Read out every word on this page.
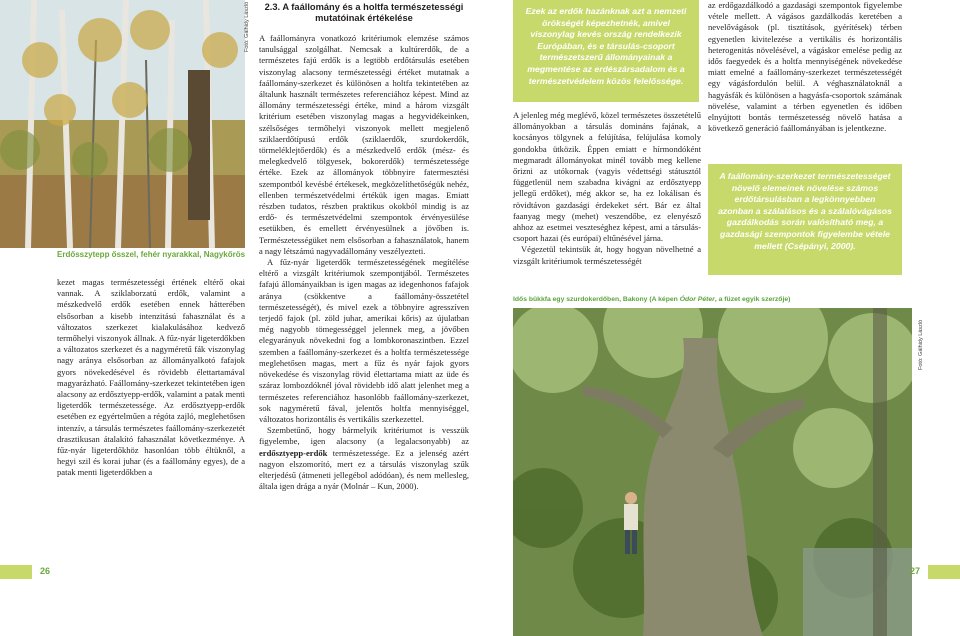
Fotó: Gálhidy László
Erdősszytepp ősszel, fehér nyarakkal, Nagykőrös

kezet magas természetességi értének eltérő okai vannak. A sziklaborzatú erdők, valamint a mészkedvelő erdők esetében ennek hátterében elsősorban a kisebb intenzitású fahasználat és a változatos szerkezet kialakulásához kedvező termőhelyi viszonyok állnak. A fűz-nyár ligeterdőkben a változatos szerkezet és a nagyméretű fák viszonylag nagy aránya elsősorban az állományalkotó fafajok gyors növekedésével és rövidebb élettartamával magyarázható. Faállomány-szerkezet tekintetében igen alacsony az erdősztyepp-erdők, valamint a patak menti ligeterdők természetessége. Az erdősztyepp-erdők esetében ez egyértelműen a régóta zajló, meglehetősen intenzív, a társulás természetes faállomány-szerkezetét drasztikusan átalakító fahasználat következménye. A fűz-nyár ligeterdőkhöz hasonlóan több éltüknől, a hegyi szil és korai juhar (és a faállomány egyes), de a patak menti ligeterdőkben a

2.3. A faállomány és a holtfa természetességi mutatóinak értékelése

A faállományra vonatkozó kritériumok elemzése számos tanulsággal szolgálhat. Nemcsak a kultúrerdők, de a természetes fajú erdők is a legtöbb erdőtársulás esetében viszonylag alacsony természetességi értéket mutatnak a faállomány-szerkezet és különösen a holtfa tekintetében az általunk használt természetes referenciához képest. Mind az állomány természetességi értéke, mind a három vizsgált kritérium esetében viszonylag magas a hegyvidékeinken, szélsőséges termőhelyi viszonyok mellett megjelenő sziklaerdőtípusú erdők (sziklaerdők, szurdokerdők, törmeléklejtőerdők) és a mészkedvelő erdők (mész- és melegkedvelő tölgyesek, bokorerdők) természetessége értéke. Ezek az állományok többnyire fatermesztési szempontból kevésbé értékesek, megközelíthetőségük nehéz, ellenben természetvédelmi értékük igen magas. Emiatt részben tudatos, részben praktikus okokból mindig is az erdő- és természetvédelmi szempontok érvényesülése esetükben, és emellett érvényesülnek a jövőben is. Természetességüket nem elsősorban a fahasználatok, hanem a nagy létszámú nagyvadállomány veszélyezteti.

A fűz-nyár ligeterdők természetességének megítélése eltérő a vizsgált kritériumok szempontjából. Természetes fafajú állományaikban is igen magas az idegenhonos fafajok aránya (csökkentve a faállomány-összetétel természetességét), és mivel ezek a többnyire agresszíven terjedő fajok (pl. zöld juhar, amerikai kőris) az újulatban még nagyobb tömegességgel jelennek meg, a jövőben elegyarányuk növekedni fog a lombkoronaszintben. Ezzel szemben a faállomány-szerkezet és a holtfa természetessége meglehetősen magas, mert a fűz és nyár fajok gyors növekedése és viszonylag rövid élettartama miatt az üde és száraz lombozdóknél jóval rövidebb idő alatt jelenhet meg a természetes referenciához hasonlóbb faállomány-szerkezet, sok nagyméretű fával, jelentős holtfa mennyiséggel, változatos horizontális és vertikális szerkezettel.

Szembetűnő, hogy bármelyik kritériumot is vesszük figyelembe, igen alacsony (a legalacsonyabb) az erdősztyepp-erdők természetessége. Ez a jelenség azért nagyon elszomorító, mert ez a társulás viszonylag szűk elterjedésű (átmeneti jellegébol adódóan), és nem mellesleg, általa igen drága a nyár (Molnár – Kun, 2000).

26
Ezek az erdők hazánknak azt a nemzeti örökségét képezhetnék, amivel viszonylag kevés ország rendelkezik Európában, és e társulás-csoport természetszerű állományainak a megmentése az erdészársadalom és a természetvédelem közös felelőssége.

A jelenleg még meglévő, közel természetes összetételű állományokban a társulás domináns fajának, a kocsányos tölgynek a felújítása, felújulása komoly gondokba ütközik. Éppen emiatt e hírmondóként megmaradt állományokat minél tovább meg kellene őrizni az utókornak (vagyis védettségi státusztól függetlenül nem szabadna kivágni az erdősztyepp jellegű erdőket), még akkor se, ha ez lokálisan és rövidtávon gazdasági érdekeket sért. Bár ez által faanyag megy (mehet) veszendőbe, ez elenyésző ahhoz az esetmei veszteséghez képest, ami a társulás-csoport hazai (és európai) eltűnésével járna.

Végezetül tekintsük át, hogy hogyan növelhetné a vizsgált kritériumok természetességét

az erdőgazdálkodó a gazdasági szempontok figyelembe vétele mellett. A vágásos gazdálkodás keretében a nevelővágások (pl. tisztítások, gyérítések) térben egyenetlen kivitelezése a vertikális és horizontális heterogenitás növelésével, a vágáskor emelése pedig az idős faegyedek és a holtfa mennyiségének növekedése miatt emelné a faállomány-szerkezet természetességét egy vágásfordulón belül. A véghasználatoknál a hagyásfák és különösen a hagyásfa-csoportok számának növelése, valamint a térben egyenetlen és időben elnyújtott bontás természetesség növelő hatása a következő generáció faállományában is jelentkezne.

A faállomány-szerkezet természetességet növelő elemeinek növelése számos erdőtársulásban a legkönnyebben azonban a szálalásos és a szálalóvágásos gazdálkodás során valósítható meg, a gazdasági szempontok figyelembe vétele mellett (Csépányi, 2000).
Idős bükkfa egy szurdokerdőben, Bakony (A képen Ódor Péter, a füzet egyik szerzője)
Fotó: Gálhidy László
27
